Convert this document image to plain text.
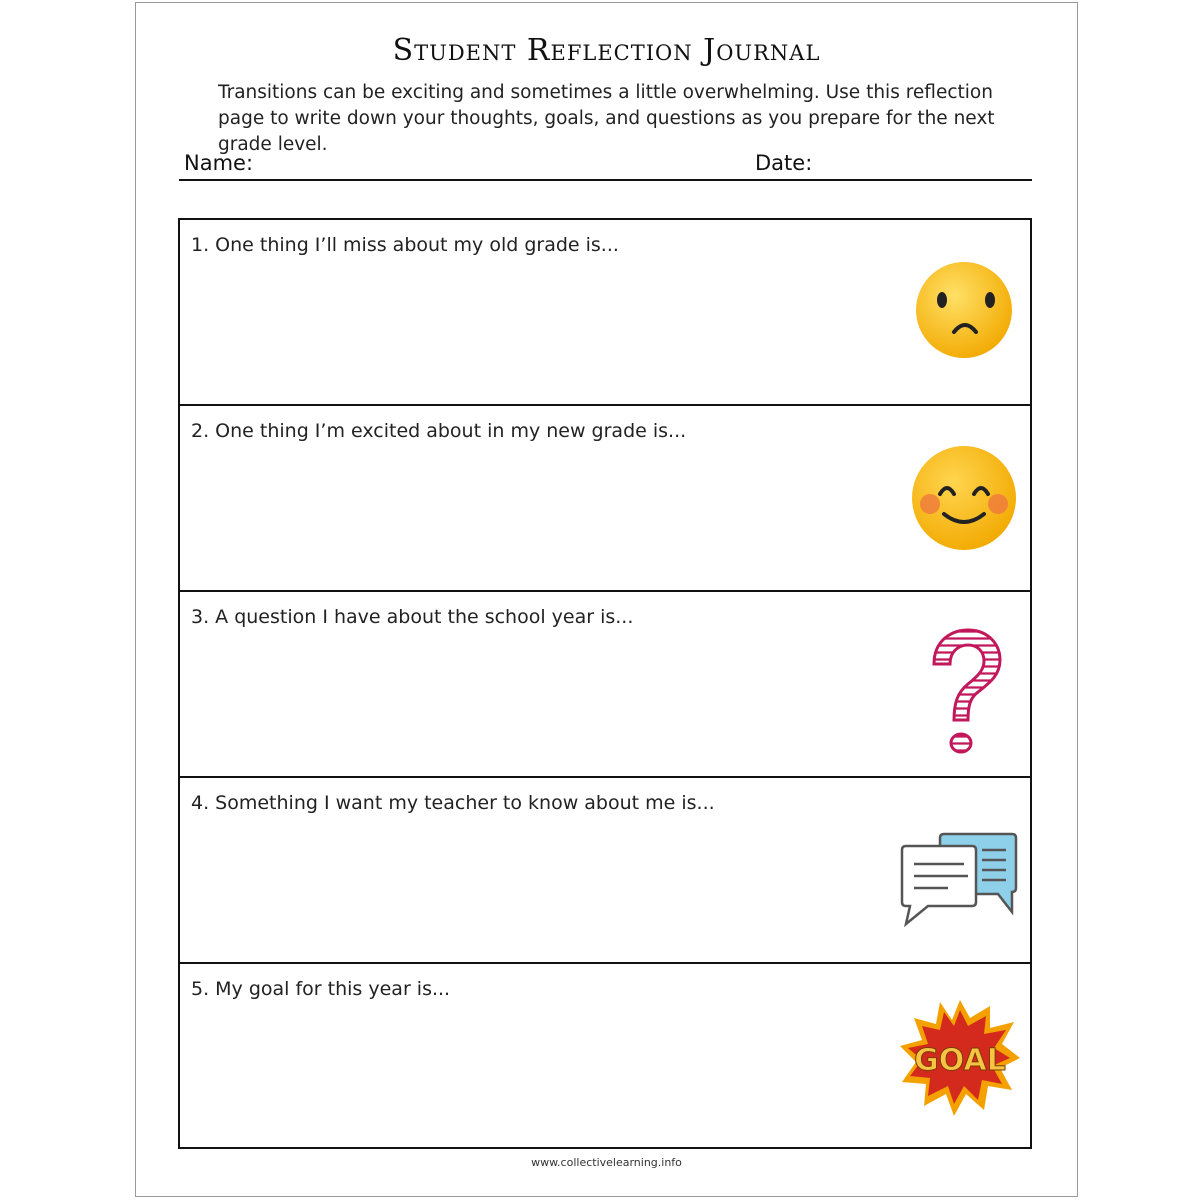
Student Reflection Journal
Transitions can be exciting and sometimes a little overwhelming. Use this reflection page to write down your thoughts, goals, and questions as you prepare for the next grade level.
Name:	Date:
1. One thing I’ll miss about my old grade is...
2. One thing I’m excited about in my new grade is...
3. A question I have about the school year is...
4. Something I want my teacher to know about me is...
5. My goal for this year is...
GOAL
www.collectivelearning.info
